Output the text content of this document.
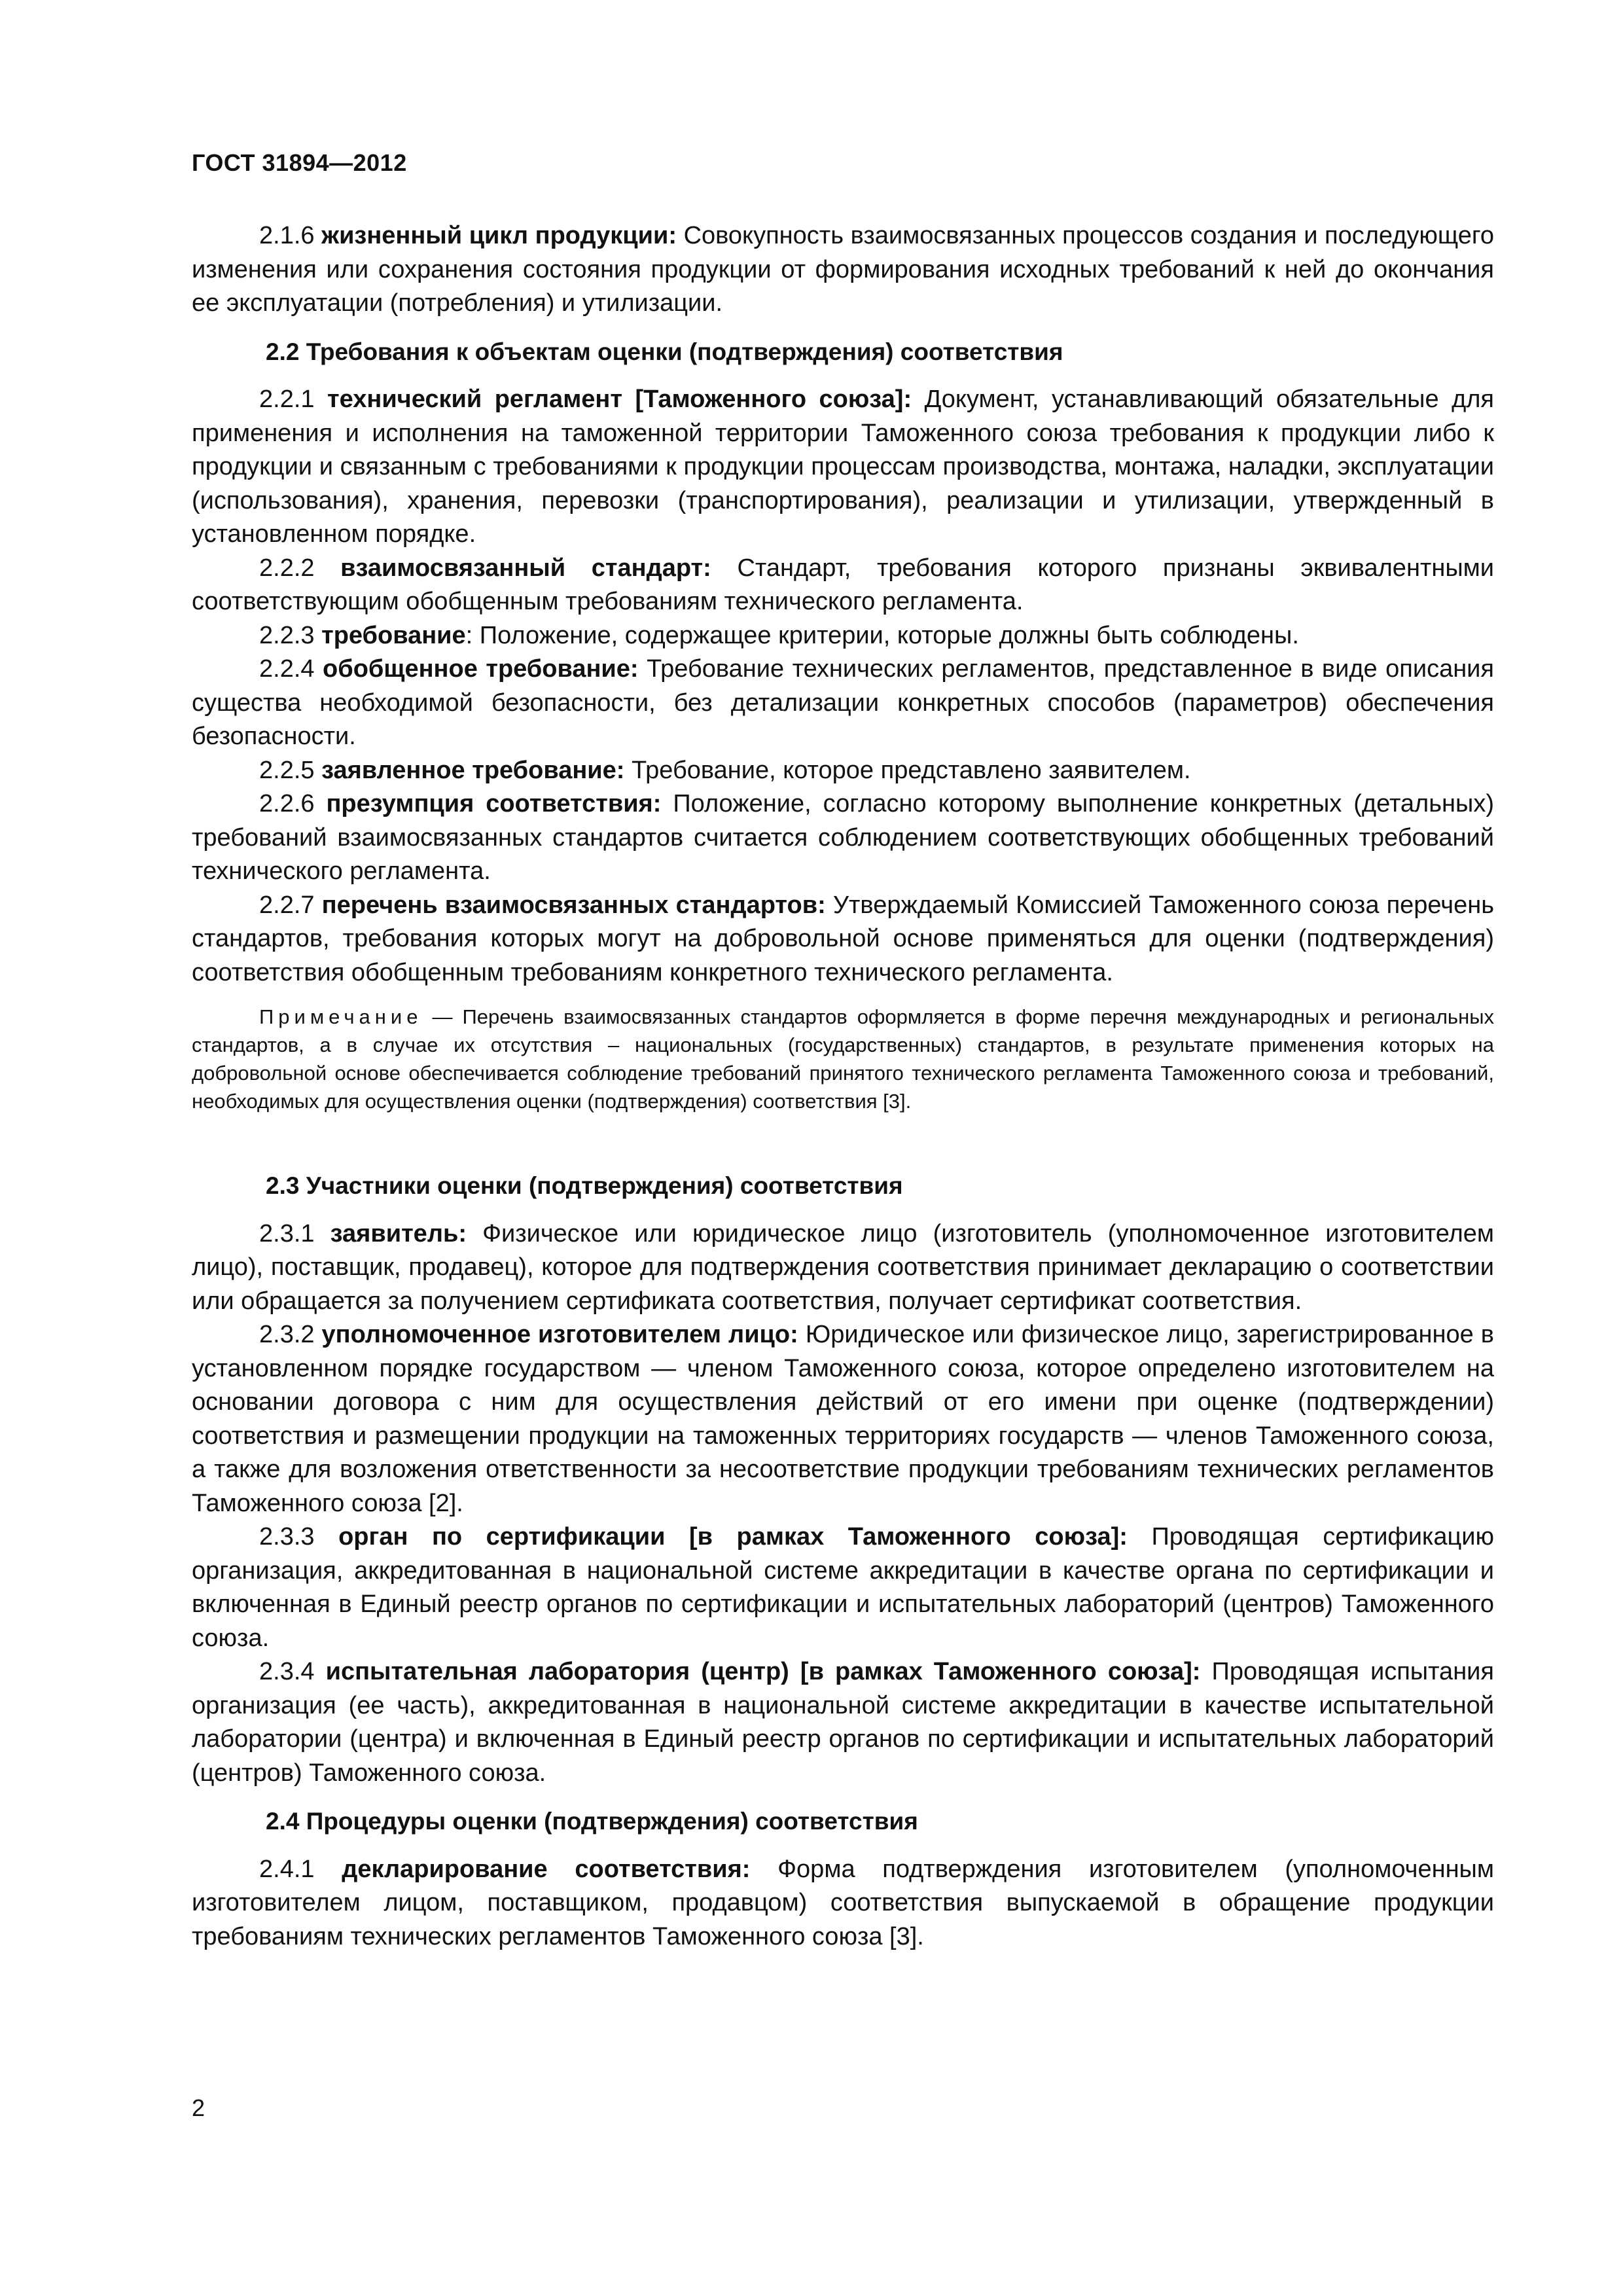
ГОСТ 31894—2012

2.1.6 жизненный цикл продукции: Совокупность взаимосвязанных процессов создания и последующего изменения или сохранения состояния продукции от формирования исходных требований к ней до окончания ее эксплуатации (потребления) и утилизации.

2.2 Требования к объектам оценки (подтверждения) соответствия

2.2.1 технический регламент [Таможенного союза]: Документ, устанавливающий обязательные для применения и исполнения на таможенной территории Таможенного союза требования к продукции либо к продукции и связанным с требованиями к продукции процессам производства, монтажа, наладки, эксплуатации (использования), хранения, перевозки (транспортирования), реализации и утилизации, утвержденный в установленном порядке.

2.2.2 взаимосвязанный стандарт: Стандарт, требования которого признаны эквивалентными соответствующим обобщенным требованиям технического регламента.

2.2.3 требование: Положение, содержащее критерии, которые должны быть соблюдены.

2.2.4 обобщенное требование: Требование технических регламентов, представленное в виде описания существа необходимой безопасности, без детализации конкретных способов (параметров) обеспечения безопасности.

2.2.5 заявленное требование: Требование, которое представлено заявителем.

2.2.6 презумпция соответствия: Положение, согласно которому выполнение конкретных (детальных) требований взаимосвязанных стандартов считается соблюдением соответствующих обобщенных требований технического регламента.

2.2.7 перечень взаимосвязанных стандартов: Утверждаемый Комиссией Таможенного союза перечень стандартов, требования которых могут на добровольной основе применяться для оценки (подтверждения) соответствия обобщенным требованиям конкретного технического регламента.

Примечание — Перечень взаимосвязанных стандартов оформляется в форме перечня международных и региональных стандартов, а в случае их отсутствия – национальных (государственных) стандартов, в результате применения которых на добровольной основе обеспечивается соблюдение требований принятого технического регламента Таможенного союза и требований, необходимых для осуществления оценки (подтверждения) соответствия [3].

2.3 Участники оценки (подтверждения) соответствия

2.3.1 заявитель: Физическое или юридическое лицо (изготовитель (уполномоченное изготовителем лицо), поставщик, продавец), которое для подтверждения соответствия принимает декларацию о соответствии или обращается за получением сертификата соответствия, получает сертификат соответствия.

2.3.2 уполномоченное изготовителем лицо: Юридическое или физическое лицо, зарегистрированное в установленном порядке государством — членом Таможенного союза, которое определено изготовителем на основании договора с ним для осуществления действий от его имени при оценке (подтверждении) соответствия и размещении продукции на таможенных территориях государств — членов Таможенного союза, а также для возложения ответственности за несоответствие продукции требованиям технических регламентов Таможенного союза [2].

2.3.3 орган по сертификации [в рамках Таможенного союза]: Проводящая сертификацию организация, аккредитованная в национальной системе аккредитации в качестве органа по сертификации и включенная в Единый реестр органов по сертификации и испытательных лабораторий (центров) Таможенного союза.

2.3.4 испытательная лаборатория (центр) [в рамках Таможенного союза]: Проводящая испытания организация (ее часть), аккредитованная в национальной системе аккредитации в качестве испытательной лаборатории (центра) и включенная в Единый реестр органов по сертификации и испытательных лабораторий (центров) Таможенного союза.

2.4 Процедуры оценки (подтверждения) соответствия

2.4.1 декларирование соответствия: Форма подтверждения изготовителем (уполномоченным изготовителем лицом, поставщиком, продавцом) соответствия выпускаемой в обращение продукции требованиям технических регламентов Таможенного союза [3].

2
